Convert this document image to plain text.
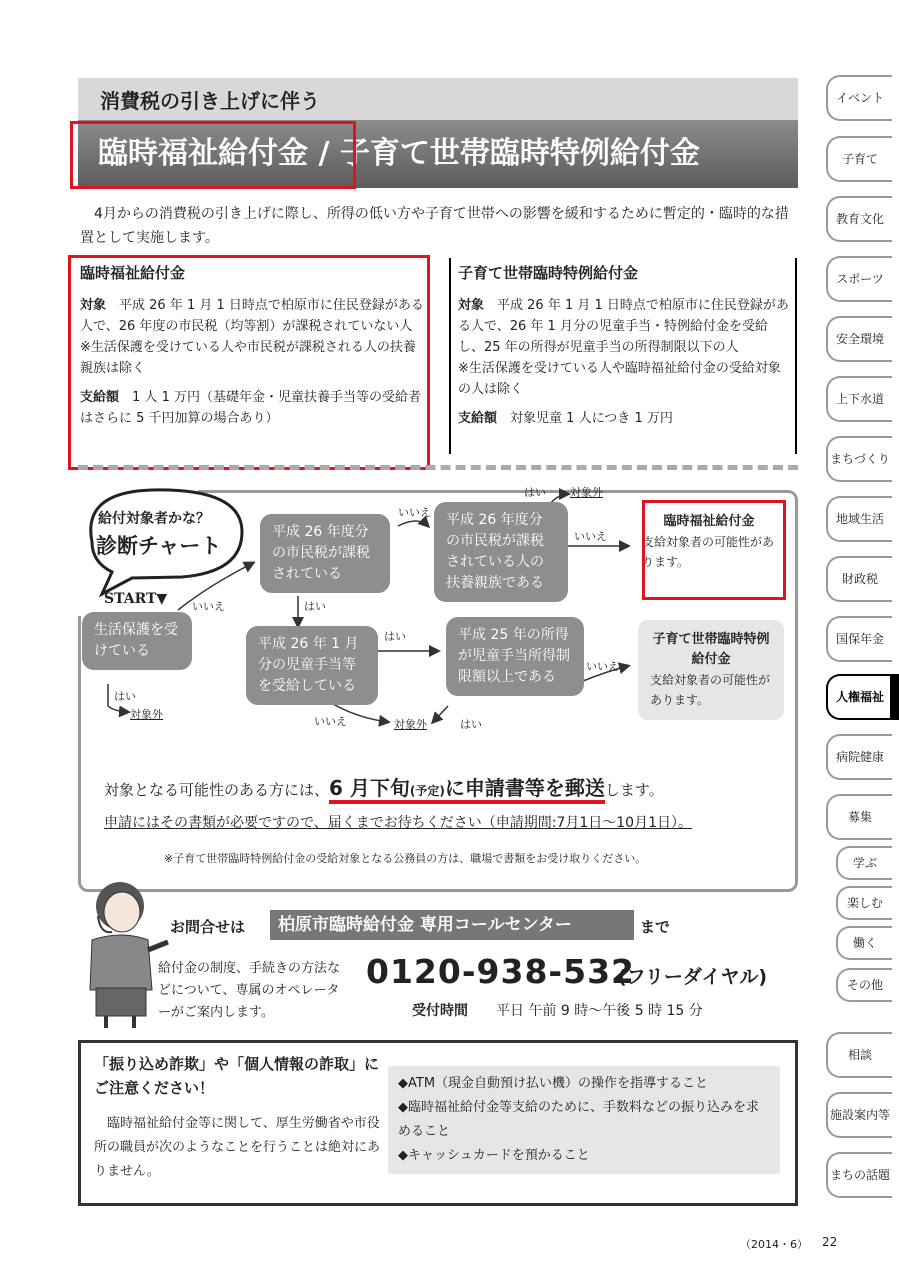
消費税の引き上げに伴う
臨時福祉給付金 / 子育て世帯臨時特例給付金
4月からの消費税の引き上げに際し、所得の低い方や子育て世帯への影響を緩和するために暫定的・臨時的な措置として実施します。
臨時福祉給付金

対象　 平成 26 年 1 月 1 日時点で柏原市に住民登録がある人で、26 年度の市民税（均等割）が課税されていない人

※生活保護を受けている人や市民税が課税される人の扶養親族は除く

支給額　 1 人 1 万円（基礎年金・児童扶養手当等の受給者はさらに 5 千円加算の場合あり）

子育て世帯臨時特例給付金

対象　 平成 26 年 1 月 1 日時点で柏原市に住民登録がある人で、26 年 1 月分の児童手当・特例給付金を受給し、25 年の所得が児童手当の所得制限以下の人

※生活保護を受けている人や臨時福祉給付金の受給対象の人は除く

支給額　 対象児童 1 人につき 1 万円

給付対象者かな？
診断チャート
START▼
生活保護を受けている
平成 26 年度分の市民税が課税されている
平成 26 年度分の市民税が課税されている人の扶養親族である
平成 26 年 1 月分の児童手当等を受給している
平成 25 年の所得が児童手当所得制限額以上である
いいえ
いいえ
はい 対象外
いいえ
はい
はい
はい
対象外
いいえ	対象外	はい
いいえ
臨時福祉給付金
支給対象者の可能性があります。
子育て世帯臨時特例給付金
支給対象者の可能性があります。
対象となる可能性のある方には、6 月下旬(予定)に申請書等を郵送します。
申請にはその書類が必要ですので、届くまでお待ちください（申請期間:7月1日～10月1日）。
※子育て世帯臨時特例給付金の受給対象となる公務員の方は、職場で書類をお受け取りください。
お問合せは	柏原市臨時給付金 専用コールセンター	まで
給付金の制度、手続きの方法などについて、専属のオペレーターがご案内します。
0120-938-532
(フリーダイヤル)
受付時間 平日 午前 9 時～午後 5 時 15 分
「振り込め詐欺」や「個人情報の詐取」にご注意ください！
臨時福祉給付金等に関して、厚生労働省や市役所の職員が次のようなことを行うことは絶対にありません。
◆ATM（現金自動預け払い機）の操作を指導すること
◆臨時福祉給付金等支給のために、手数料などの振り込みを求めること
◆キャッシュカードを預かること
イベント
子育て
教育文化
スポーツ
安全環境
上下水道
まちづくり
地域生活
財政税
国保年金
人権福祉
病院健康
募集
学ぶ
楽しむ
働く
その他
相談
施設案内等
まちの話題
（2014・6） 22
